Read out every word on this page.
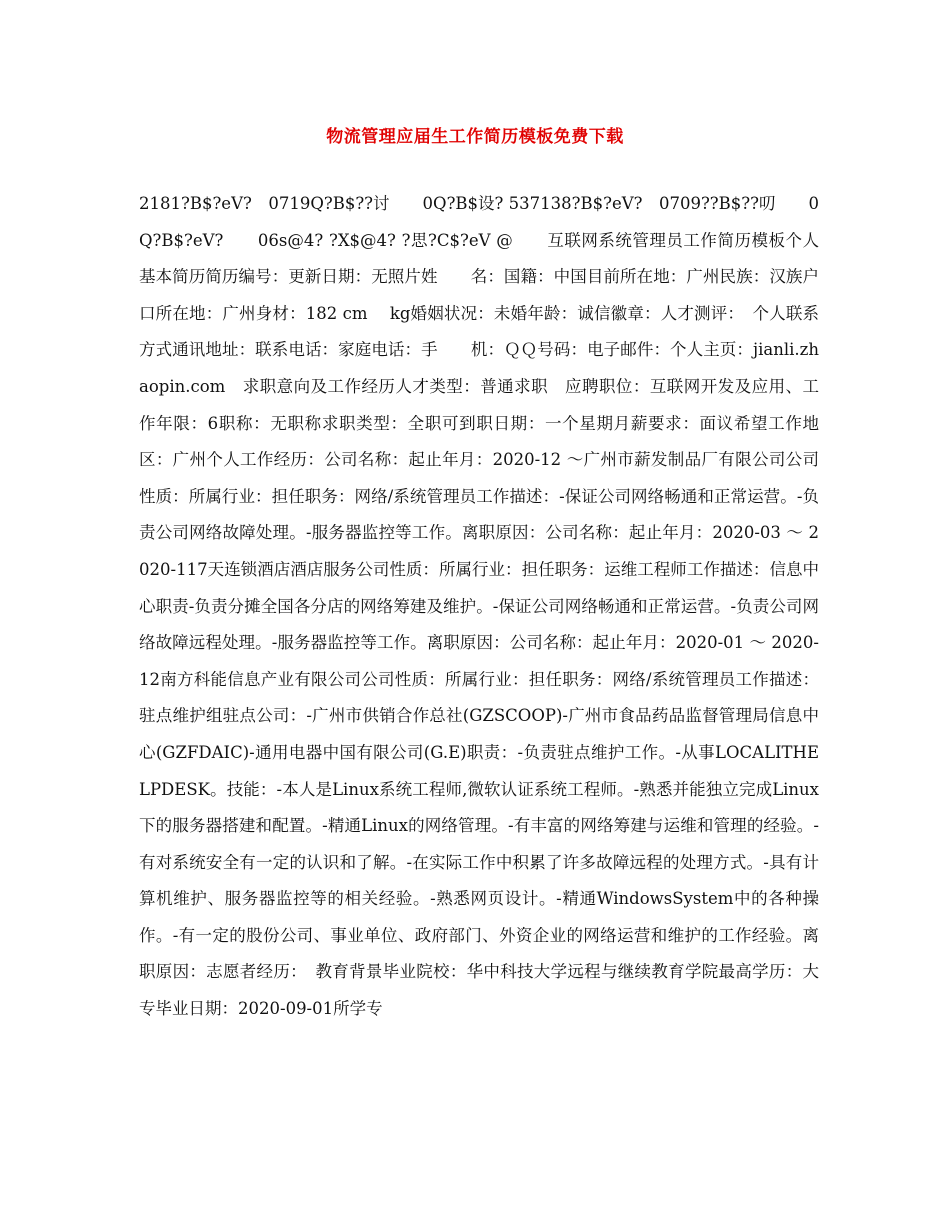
物流管理应届生工作简历模板免费下载

2181?B$?eV?　0719Q?B$??讨　　0Q?B$设? 537138?B$?eV?　0709??B$??叨　　0Q?B$?eV?　　06s@4? ?X$@4? ?思?C$?eV @　　互联网系统管理员工作简历模板个人基本简历简历编号：更新日期：无照片姓　　名：国籍：中国目前所在地：广州民族：汉族户口所在地：广州身材：182 cm　 kg婚姻状况：未婚年龄：诚信徽章：人才测评：　个人联系方式通讯地址：联系电话：家庭电话：手　　机：ＱＱ号码：电子邮件：个人主页：jianli.zhaopin.com　求职意向及工作经历人才类型：普通求职　应聘职位：互联网开发及应用、工作年限：6职称：无职称求职类型：全职可到职日期：一个星期月薪要求：面议希望工作地区：广州个人工作经历：公司名称：起止年月：2020-12 ～广州市薪发制品厂有限公司公司性质：所属行业：担任职务：网络/系统管理员工作描述：-保证公司网络畅通和正常运营。-负责公司网络故障处理。-服务器监控等工作。离职原因：公司名称：起止年月：2020-03 ～ 2020-117天连锁酒店酒店服务公司性质：所属行业：担任职务：运维工程师工作描述：信息中心职责-负责分摊全国各分店的网络筹建及维护。-保证公司网络畅通和正常运营。-负责公司网络故障远程处理。-服务器监控等工作。离职原因：公司名称：起止年月：2020-01 ～ 2020-12南方科能信息产业有限公司公司性质：所属行业：担任职务：网络/系统管理员工作描述：驻点维护组驻点公司：-广州市供销合作总社(GZSCOOP)-广州市食品药品监督管理局信息中心(GZFDAIC)-通用电器中国有限公司(G.E)职责：-负责驻点维护工作。-从事LOCALITHELPDESK。技能：-本人是Linux系统工程师,微软认证系统工程师。-熟悉并能独立完成Linux下的服务器搭建和配置。-精通Linux的网络管理。-有丰富的网络筹建与运维和管理的经验。-有对系统安全有一定的认识和了解。-在实际工作中积累了许多故障远程的处理方式。-具有计算机维护、服务器监控等的相关经验。-熟悉网页设计。-精通WindowsSystem中的各种操作。-有一定的股份公司、事业单位、政府部门、外资企业的网络运营和维护的工作经验。离职原因：志愿者经历：　教育背景毕业院校：华中科技大学远程与继续教育学院最高学历：大专毕业日期：2020-09-01所学专
